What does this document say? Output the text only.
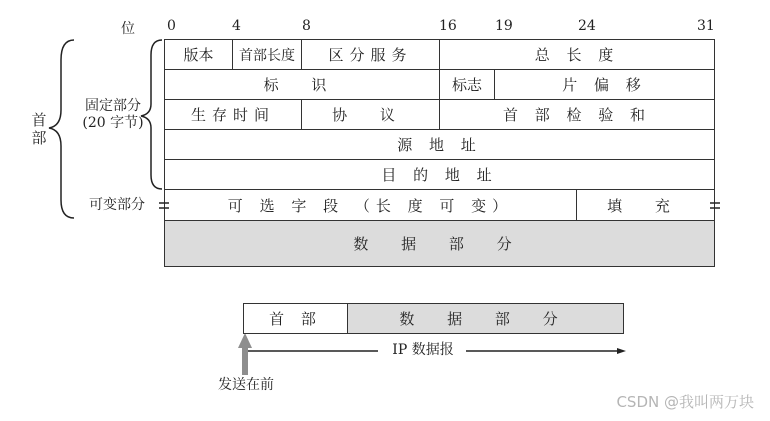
位 0	4	8	16	19	24	31
版本	首部长度	区分服务	总 长 度
标 识	标志	片 偏 移
生存时间	协 议	首 部 检 验 和
源 地 址
目 的 地 址
可 选 字 段 （长 度 可 变）	填 充
数 据 部 分
首
部
固定部分
(20 字节)
可变部分
首 部	数 据 部 分
IP 数据报
发送在前
CSDN @我叫两万块
